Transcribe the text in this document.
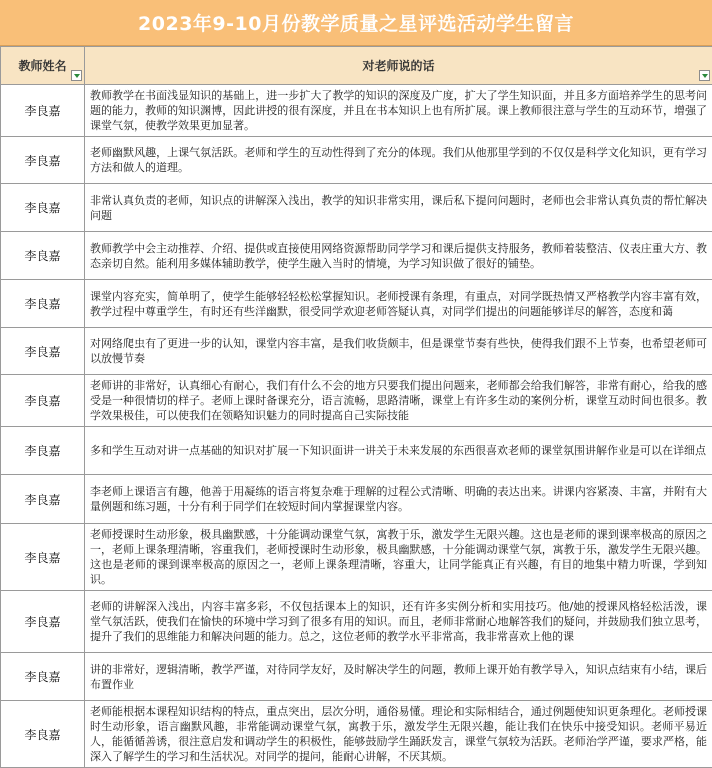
2023年9-10月份教学质量之星评选活动学生留言
教师姓名	对老师说的话

李良嘉	教师教学在书面浅显知识的基础上，进一步扩大了教学的知识的深度及广度，扩大了学生知识面，并且多方面培养学生的思考问题的能力，教师的知识渊博，因此讲授的很有深度，并且在书本知识上也有所扩展。课上教师很注意与学生的互动环节，增强了课堂气氛，使教学效果更加显著。

李良嘉	老师幽默风趣，上课气氛活跃。老师和学生的互动性得到了充分的体现。我们从他那里学到的不仅仅是科学文化知识，更有学习方法和做人的道理。

李良嘉	非常认真负责的老师，知识点的讲解深入浅出，教学的知识非常实用，课后私下提问问题时，老师也会非常认真负责的帮忙解决问题

李良嘉	教师教学中会主动推荐、介绍、提供或直接使用网络资源帮助同学学习和课后提供支持服务，教师着装整洁、仪表庄重大方、教态亲切自然。能利用多媒体辅助教学，使学生融入当时的情境，为学习知识做了很好的铺垫。

李良嘉	课堂内容充实，简单明了，使学生能够轻轻松松掌握知识。老师授课有条理，有重点，对同学既热情又严格教学内容丰富有效，教学过程中尊重学生，有时还有些洋幽默，很受同学欢迎老师答疑认真，对同学们提出的问题能够详尽的解答，态度和蔼

李良嘉	对网络爬虫有了更进一步的认知，课堂内容丰富，是我们收货颇丰，但是课堂节奏有些快，使得我们跟不上节奏，也希望老师可以放慢节奏

李良嘉	老师讲的非常好，认真细心有耐心，我们有什么不会的地方只要我们提出问题来，老师都会给我们解答，非常有耐心，给我的感受是一种很情切的样子。老师上课时备课充分，语言流畅，思路清晰，课堂上有许多生动的案例分析，课堂互动时间也很多。教学效果极佳，可以使我们在领略知识魅力的同时提高自己实际技能

李良嘉	多和学生互动对讲一点基础的知识对扩展一下知识面讲一讲关于未来发展的东西很喜欢老师的课堂氛围讲解作业是可以在详细点

李良嘉	李老师上课语言有趣，他善于用凝练的语言将复杂难于理解的过程公式清晰、明确的表达出来。讲课内容紧凑、丰富，并附有大量例题和练习题，十分有利于同学们在较短时间内掌握课堂内容。

李良嘉	老师授课时生动形象，极具幽默感，十分能调动课堂气氛，寓教于乐，激发学生无限兴趣。这也是老师的课到课率极高的原因之一，老师上课条理清晰，容重我们，老师授课时生动形象，极具幽默感，十分能调动课堂气氛，寓教于乐，激发学生无限兴趣。这也是老师的课到课率极高的原因之一，老师上课条理清晰，容重大，让同学能真正有兴趣，有目的地集中精力听课，学到知识。

李良嘉	老师的讲解深入浅出，内容丰富多彩，不仅包括课本上的知识，还有许多实例分析和实用技巧。他/她的授课风格轻松活泼，课堂气氛活跃，使我们在愉快的环境中学习到了很多有用的知识。而且，老师非常耐心地解答我们的疑问，并鼓励我们独立思考，提升了我们的思维能力和解决问题的能力。总之，这位老师的教学水平非常高，我非常喜欢上他的课

李良嘉	讲的非常好，逻辑清晰，教学严谨，对待同学友好，及时解决学生的问题，教师上课开始有教学导入，知识点结束有小结，课后布置作业

李良嘉	老师能根据本课程知识结构的特点，重点突出，层次分明，通俗易懂。理论和实际相结合，通过例题使知识更条理化。老师授课时生动形象，语言幽默风趣，非常能调动课堂气氛，寓教于乐，激发学生无限兴趣，能让我们在快乐中接受知识。老师平易近人，能循循善诱，很注意启发和调动学生的积极性，能够鼓励学生踊跃发言，课堂气氛较为活跃。老师治学严谨，要求严格，能深入了解学生的学习和生活状况。对同学的提问，能耐心讲解，不厌其烦。
